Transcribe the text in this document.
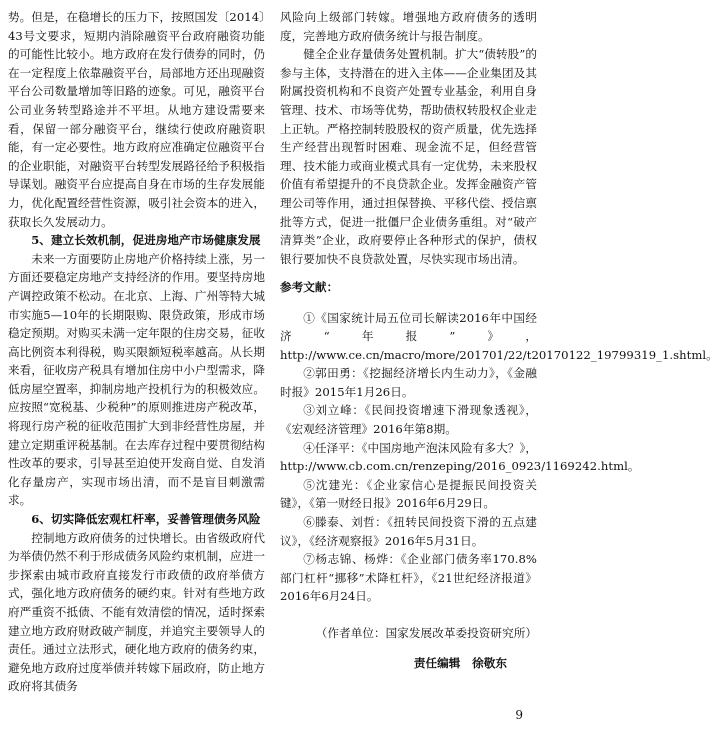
势。但是，在稳增长的压力下，按照国发〔2014〕43号文要求，短期内消除融资平台政府融资功能的可能性比较小。地方政府在发行债券的同时，仍在一定程度上依靠融资平台，局部地方还出现融资平台公司数量增加等旧路的迹象。可见，融资平台公司业务转型路途并不平坦。从地方建设需要来看，保留一部分融资平台，继续行使政府融资职能，有一定必要性。地方政府应准确定位融资平台的企业职能，对融资平台转型发展路径给予积极指导谋划。融资平台应提高自身在市场的生存发展能力，优化配置经营性资源，吸引社会资本的进入，获取长久发展动力。

5、建立长效机制，促进房地产市场健康发展

未来一方面要防止房地产价格持续上涨，另一方面还要稳定房地产支持经济的作用。要坚持房地产调控政策不松动。在北京、上海、广州等特大城市实施5—10年的长期限购、限贷政策，形成市场稳定预期。对购买未满一定年限的住房交易，征收高比例资本利得税，购买限额短税率越高。从长期来看，征收房产税具有增加住房中小户型需求，降低房屋空置率，抑制房地产投机行为的积极效应。应按照“宽税基、少税种”的原则推进房产税改革，将现行房产税的征收范围扩大到非经营性房屋，并建立定期重评税基制。在去库存过程中要贯彻结构性改革的要求，引导甚至迫使开发商自觉、自发消化存量房产，实现市场出清，而不是盲目刺激需求。

6、切实降低宏观杠杆率，妥善管理债务风险

控制地方政府债务的过快增长。由省级政府代为举债仍然不利于形成债务风险约束机制，应进一步探索由城市政府直接发行市政债的政府举债方式，强化地方政府债务的硬约束。针对有些地方政府严重资不抵债、不能有效清偿的情况，适时探索建立地方政府财政破产制度，并追究主要领导人的责任。通过立法形式，硬化地方政府的债务约束，避免地方政府过度举债并转嫁下届政府，防止地方政府将其债务

风险向上级部门转嫁。增强地方政府债务的透明度，完善地方政府债务统计与报告制度。

健全企业存量债务处置机制。扩大“债转股”的参与主体，支持潜在的进入主体——企业集团及其附属投资机构和不良资产处置专业基金，利用自身管理、技术、市场等优势，帮助债权转股权企业走上正轨。严格控制转股股权的资产质量，优先选择生产经营出现暂时困难、现金流不足，但经营管理、技术能力或商业模式具有一定优势，未来股权价值有希望提升的不良贷款企业。发挥金融资产管理公司等作用，通过担保替换、平移代偿、授信禀批等方式，促进一批僵尸企业债务重组。对“破产清算类”企业，政府要停止各种形式的保护，债权银行要加快不良贷款处置，尽快实现市场出清。

参考文献：

①《国家统计局五位司长解读2016年中国经济“年报”》，http://www.ce.cn/macro/more/201701/22/t20170122_19799319_1.shtml。

②郭田勇：《挖掘经济增长内生动力》，《金融时报》2015年1月26日。

③刘立峰：《民间投资增速下滑现象透视》，《宏观经济管理》2016年第8期。

④任泽平：《中国房地产泡沫风险有多大？》，http://www.cb.com.cn/renzeping/2016_0923/1169242.html。

⑤沈建光：《企业家信心是提振民间投资关键》，《第一财经日报》2016年6月29日。

⑥滕泰、刘哲：《扭转民间投资下滑的五点建议》，《经济观察报》2016年5月31日。

⑦杨志锦、杨烨：《企业部门债务率170.8% 部门杠杆“挪移”术降杠杆》，《21世纪经济报道》2016年6月24日。

（作者单位：国家发展改革委投资研究所）

责任编辑　徐敬东

9
